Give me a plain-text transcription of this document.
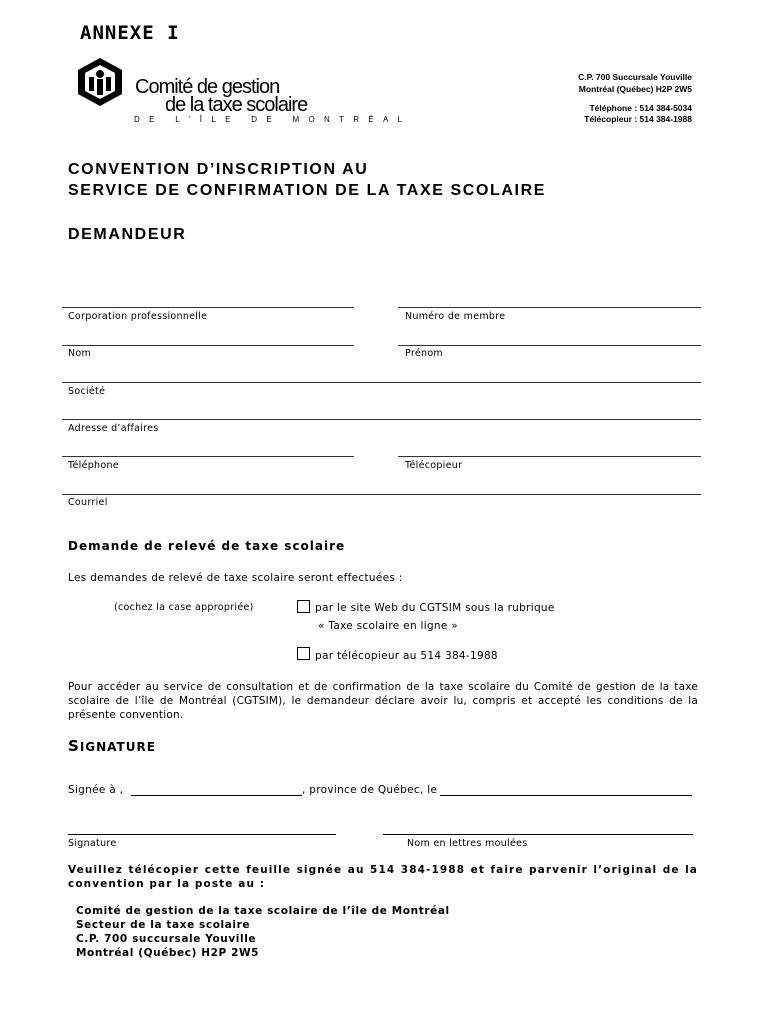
ANNEXE I
Comité de gestion
de la taxe scolaire
DE L'ÎLE DE MONTRÉAL
C.P. 700 Succursale Youville
Montréal (Québec) H2P 2W5
Téléphone : 514 384-5034
Télécopieur : 514 384-1988
CONVENTION D’INSCRIPTION AU
SERVICE DE CONFIRMATION DE LA TAXE SCOLAIRE
DEMANDEUR
Corporation professionnelle	Numéro de membre
Nom	Prénom
Société
Adresse d’affaires
Téléphone	Télécopieur
Courriel
Demande de relevé de taxe scolaire
Les demandes de relevé de taxe scolaire seront effectuées :
(cochez la case appropriée)	par le site Web du CGTSIM sous la rubrique
« Taxe scolaire en ligne »
par télécopieur au 514 384-1988
Pour accéder au service de consultation et de confirmation de la taxe scolaire du Comité de gestion de la taxe scolaire de l’île de Montréal (CGTSIM), le demandeur déclare avoir lu, compris et accepté les conditions de la présente convention.
SIGNATURE
Signée à ,	, province de Québec, le
Signature	Nom en lettres moulées
Veuillez télécopier cette feuille signée au 514 384-1988 et faire parvenir l’original de la
convention par la poste au :
Comité de gestion de la taxe scolaire de l’île de Montréal
Secteur de la taxe scolaire
C.P. 700 succursale Youville
Montréal (Québec) H2P 2W5
